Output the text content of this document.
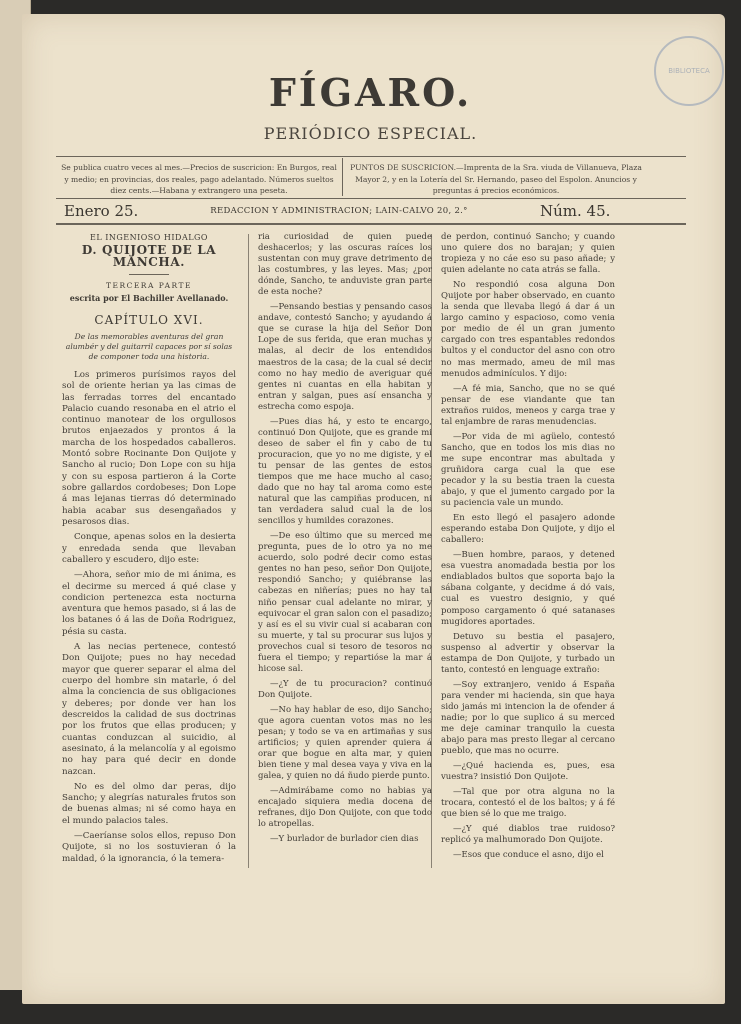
BIBLIOTECA
FÍGARO.
PERIÓDICO ESPECIAL.
Se publica cuatro veces al mes.—Precios de suscricion: En Burgos, real y medio; en provincias, dos reales, pago adelantado. Números sueltos diez cents.—Habana y extrangero una peseta.
PUNTOS DE SUSCRICION.—Imprenta de la Sra. viuda de Villanueva, Plaza Mayor 2, y en la Lotería del Sr. Hernando, paseo del Espolon. Anuncios y preguntas á precios económicos.
Enero 25.	REDACCION Y ADMINISTRACION; LAIN-CALVO 20, 2.°	Núm. 45.
EL INGENIOSO HIDALGO
D. QUIJOTE DE LA MANCHA.
TERCERA PARTE
escrita por El Bachiller Avellanado.
CAPÍTULO XVI.
De las memorables aventuras del gran alumbér y del guitarril capaces por sí solas de componer toda una historia.

Los primeros purísimos rayos del sol de oriente herian ya las cimas de las ferradas torres del encantado Palacio cuando resonaba en el atrio el continuo manotear de los orgullosos brutos enjaezados y prontos á la marcha de los hospedados caballeros. Montó sobre Rocinante Don Quijote y Sancho al rucio; Don Lope con su hija y con su esposa partieron á la Corte sobre gallardos cordobeses; Don Lope á mas lejanas tierras dó determinado habia acabar sus desengañados y pesarosos dias.

Conque, apenas solos en la desierta y enredada senda que llevaban caballero y escudero, dijo este:

—Ahora, señor mio de mi ánima, es el decirme su merced á qué clase y condicion pertenezca esta nocturna aventura que hemos pasado, si á las de los batanes ó á las de Doña Rodriguez, pésia su casta.

A las necias pertenece, contestó Don Quijote; pues no hay necedad mayor que querer separar el alma del cuerpo del hombre sin matarle, ó del alma la conciencia de sus obligaciones y deberes; por donde ver han los descreidos la calidad de sus doctrinas por los frutos que ellas producen; y cuantas conduzcan al suicidio, al asesinato, á la melancolía y al egoismo no hay para qué decir en donde nazcan.

No es del olmo dar peras, dijo Sancho; y alegrías naturales frutos son de buenas almas; ni sé como haya en el mundo palacios tales.

—Caeríanse solos ellos, repuso Don Quijote, si no los sostuvieran ó la maldad, ó la ignorancia, ó la temera-

ria curiosidad de quien puede deshacerlos; y las oscuras raíces los sustentan con muy grave detrimento de las costumbres, y las leyes. Mas; ¿por dónde, Sancho, te anduviste gran parte de esta noche?

—Pensando bestias y pensando casos andave, contestó Sancho; y ayudando á que se curase la hija del Señor Don Lope de sus ferida, que eran muchas y malas, al decir de los entendidos maestros de la casa; de la cual sé decir como no hay medio de averiguar qué gentes ni cuantas en ella habitan y entran y salgan, pues así ensancha y estrecha como espoja.

—Pues dias há, y esto te encargo, continuó Don Quijote, que es grande mi deseo de saber el fin y cabo de tu procuracion, que yo no me digiste, y el tu pensar de las gentes de estos tiempos que me hace mucho al caso; dado que no hay tal aroma como este natural que las campiñas producen, ni tan verdadera salud cual la de los sencillos y humildes corazones.

—De eso último que su merced me pregunta, pues de lo otro ya no me acuerdo, solo podré decir como estas gentes no han peso, señor Don Quijote, respondió Sancho; y quiébranse las cabezas en niñerías; pues no hay tal niño pensar cual adelante no mirar, y equivocar el gran salon con el pasadizo; y así es el su vivir cual si acabaran con su muerte, y tal su procurar sus lujos y provechos cual si tesoro de tesoros no fuera el tiempo; y repartióse la mar á hicose sal.

—¿Y de tu procuracion? continuó Don Quijote.

—No hay hablar de eso, dijo Sancho; que agora cuentan votos mas no les pesan; y todo se va en artimañas y sus artificios; y quien aprender quiera á orar que bogue en alta mar, y quien bien tiene y mal desea vaya y viva en la galea, y quien no dá ñudo pierde punto.

—Admirábame como no habias ya encajado siquiera media docena de refranes, dijo Don Quijote, con que todo lo atropellas.

—Y burlador de burlador cien dias

de perdon, continuó Sancho; y cuando uno quiere dos no barajan; y quien tropieza y no cáe eso su paso añade; y quien adelante no cata atrás se falla.

No respondió cosa alguna Don Quijote por haber observado, en cuanto la senda que llevaba llegó á dar á un largo camino y espacioso, como venia por medio de él un gran jumento cargado con tres espantables redondos bultos y el conductor del asno con otro no mas mermado, ameu de mil mas menudos adminículos. Y dijo:

—A fé mia, Sancho, que no se qué pensar de ese viandante que tan extraños ruidos, meneos y carga trae y tal enjambre de raras menudencias.

—Por vida de mi agüelo, contestó Sancho, que en todos los mis dias no me supe encontrar mas abultada y gruñidora carga cual la que ese pecador y la su bestia traen la cuesta abajo, y que el jumento cargado por la su paciencia vale un mundo.

En esto llegó el pasajero adonde esperando estaba Don Quijote, y dijo el caballero:

—Buen hombre, paraos, y detened esa vuestra anomadada bestia por los endiablados bultos que soporta bajo la sábana colgante, y decidme á dó vais, cual es vuestro designio, y qué pomposo cargamento ó qué satanases mugidores aportades.

Detuvo su bestia el pasajero, suspenso al advertir y observar la estampa de Don Quijote, y turbado un tanto, contestó en lenguage extraño:

—Soy extranjero, venido á España para vender mi hacienda, sin que haya sido jamás mi intencion la de ofender á nadie; por lo que suplico á su merced me deje caminar tranquilo la cuesta abajo para mas presto llegar al cercano pueblo, que mas no ocurre.

—¿Qué hacienda es, pues, esa vuestra? insistió Don Quijote.

—Tal que por otra alguna no la trocara, contestó el de los baltos; y á fé que bien sé lo que me traigo.

—¿Y qué diablos trae ruidoso? replicó ya malhumorado Don Quijote.

—Esos que conduce el asno, dijo el
